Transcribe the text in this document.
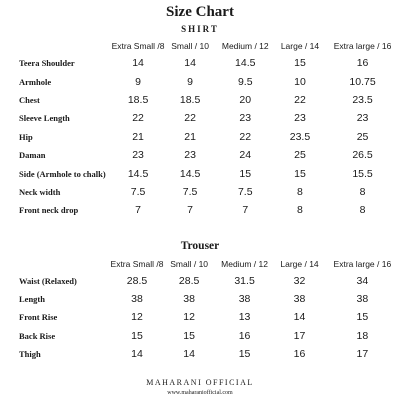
Size Chart
SHIRT
	Extra Small /8	Small / 10	Medium / 12	Large / 14	Extra large / 16
Teera Shoulder	14	14	14.5	15	16
Armhole	9	9	9.5	10	10.75
Chest	18.5	18.5	20	22	23.5
Sleeve Length	22	22	23	23	23
Hip	21	21	22	23.5	25
Daman	23	23	24	25	26.5
Side (Armhole to chalk)	14.5	14.5	15	15	15.5
Neck width	7.5	7.5	7.5	8	8
Front neck drop	7	7	7	8	8
Trouser
	Extra Small /8	Small / 10	Medium / 12	Large / 14	Extra large / 16
Waist (Relaxed)	28.5	28.5	31.5	32	34
Length	38	38	38	38	38
Front Rise	12	12	13	14	15
Back Rise	15	15	16	17	18
Thigh	14	14	15	16	17
MAHARANI OFFICIAL
www.maharaniofficial.com
